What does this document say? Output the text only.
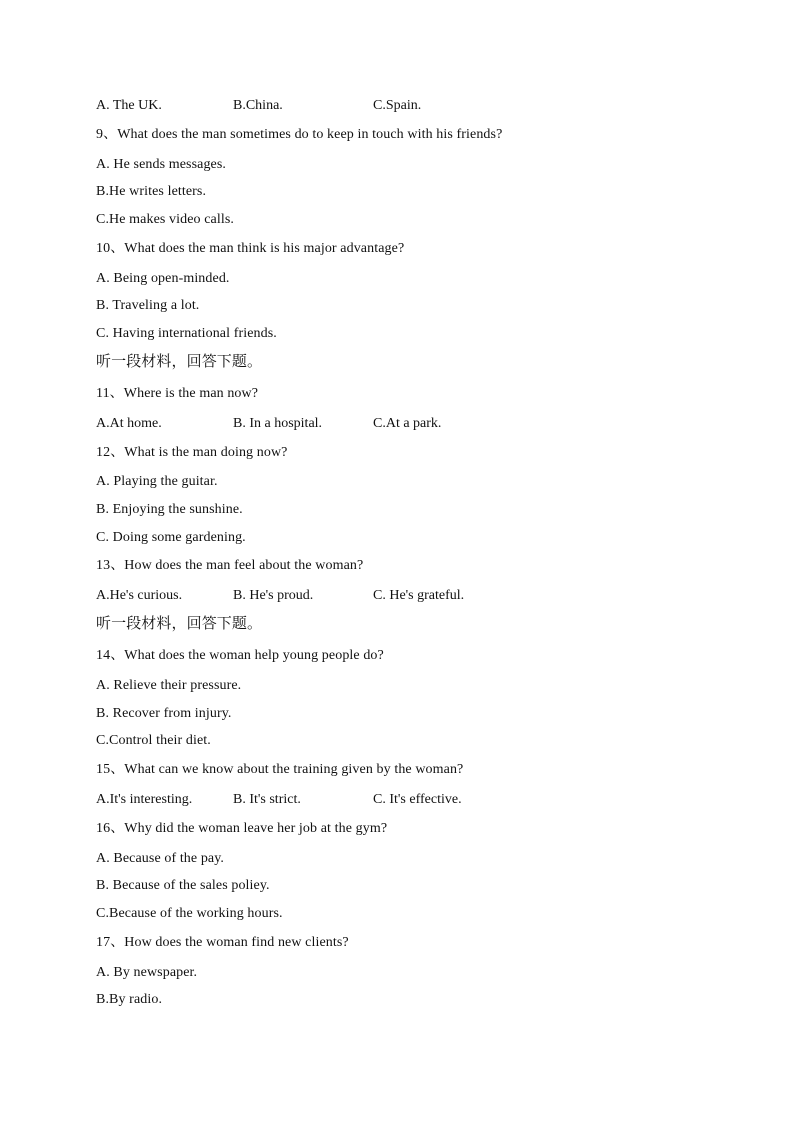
A. The UK.	B.China.	C.Spain.
9、What does the man sometimes do to keep in touch with his friends?
A. He sends messages.
B.He writes letters.
C.He makes video calls.
10、What does the man think is his major advantage?
A. Being open-minded.
B. Traveling a lot.
C. Having international friends.
听一段材料，回答下题。
11、Where is the man now?
A.At home.	B. In a hospital.	C.At a park.
12、What is the man doing now?
A. Playing the guitar.
B. Enjoying the sunshine.
C. Doing some gardening.
13、How does the man feel about the woman?
A.He's curious.	B. He's proud.	C. He's grateful.
听一段材料，回答下题。
14、What does the woman help young people do?
A. Relieve their pressure.
B. Recover from injury.
C.Control their diet.
15、What can we know about the training given by the woman?
A.It's interesting.	B. It's strict.	C. It's effective.
16、Why did the woman leave her job at the gym?
A. Because of the pay.
B. Because of the sales poliey.
C.Because of the working hours.
17、How does the woman find new clients?
A. By newspaper.
B.By radio.
